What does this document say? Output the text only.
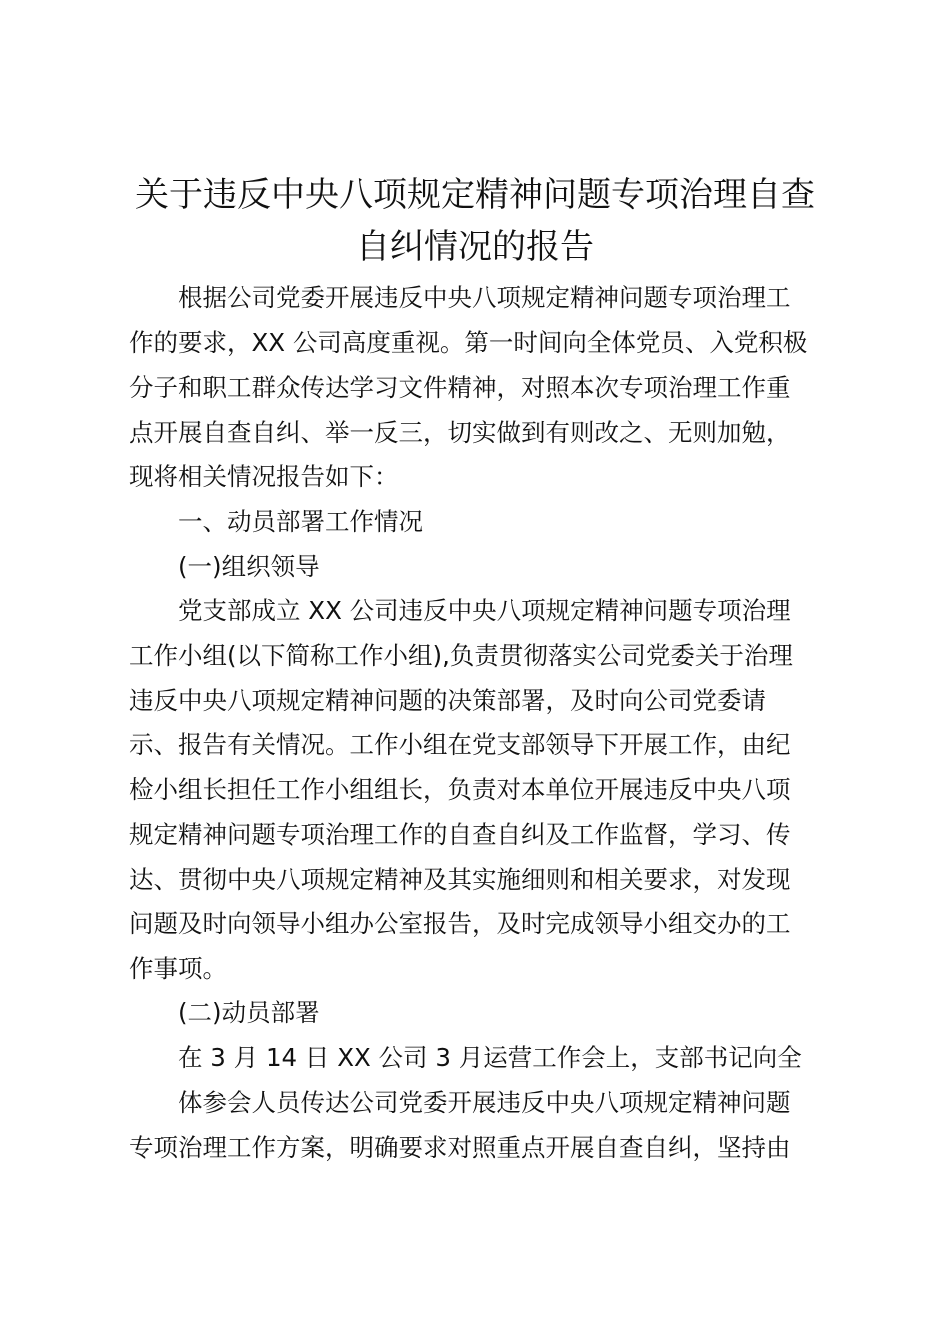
关于违反中央八项规定精神问题专项治理自查
自纠情况的报告
根据公司党委开展违反中央八项规定精神问题专项治理工
作的要求，XX 公司高度重视。第一时间向全体党员、入党积极
分子和职工群众传达学习文件精神，对照本次专项治理工作重
点开展自查自纠、举一反三，切实做到有则改之、无则加勉，
现将相关情况报告如下：
一、动员部署工作情况
(一)组织领导
党支部成立 XX 公司违反中央八项规定精神问题专项治理
工作小组(以下简称工作小组),负责贯彻落实公司党委关于治理
违反中央八项规定精神问题的决策部署，及时向公司党委请
示、报告有关情况。工作小组在党支部领导下开展工作，由纪
检小组长担任工作小组组长，负责对本单位开展违反中央八项
规定精神问题专项治理工作的自查自纠及工作监督，学习、传
达、贯彻中央八项规定精神及其实施细则和相关要求，对发现
问题及时向领导小组办公室报告，及时完成领导小组交办的工
作事项。
(二)动员部署
在 3 月 14 日 XX 公司 3 月运营工作会上，支部书记向全
体参会人员传达公司党委开展违反中央八项规定精神问题
专项治理工作方案，明确要求对照重点开展自查自纠，坚持由
